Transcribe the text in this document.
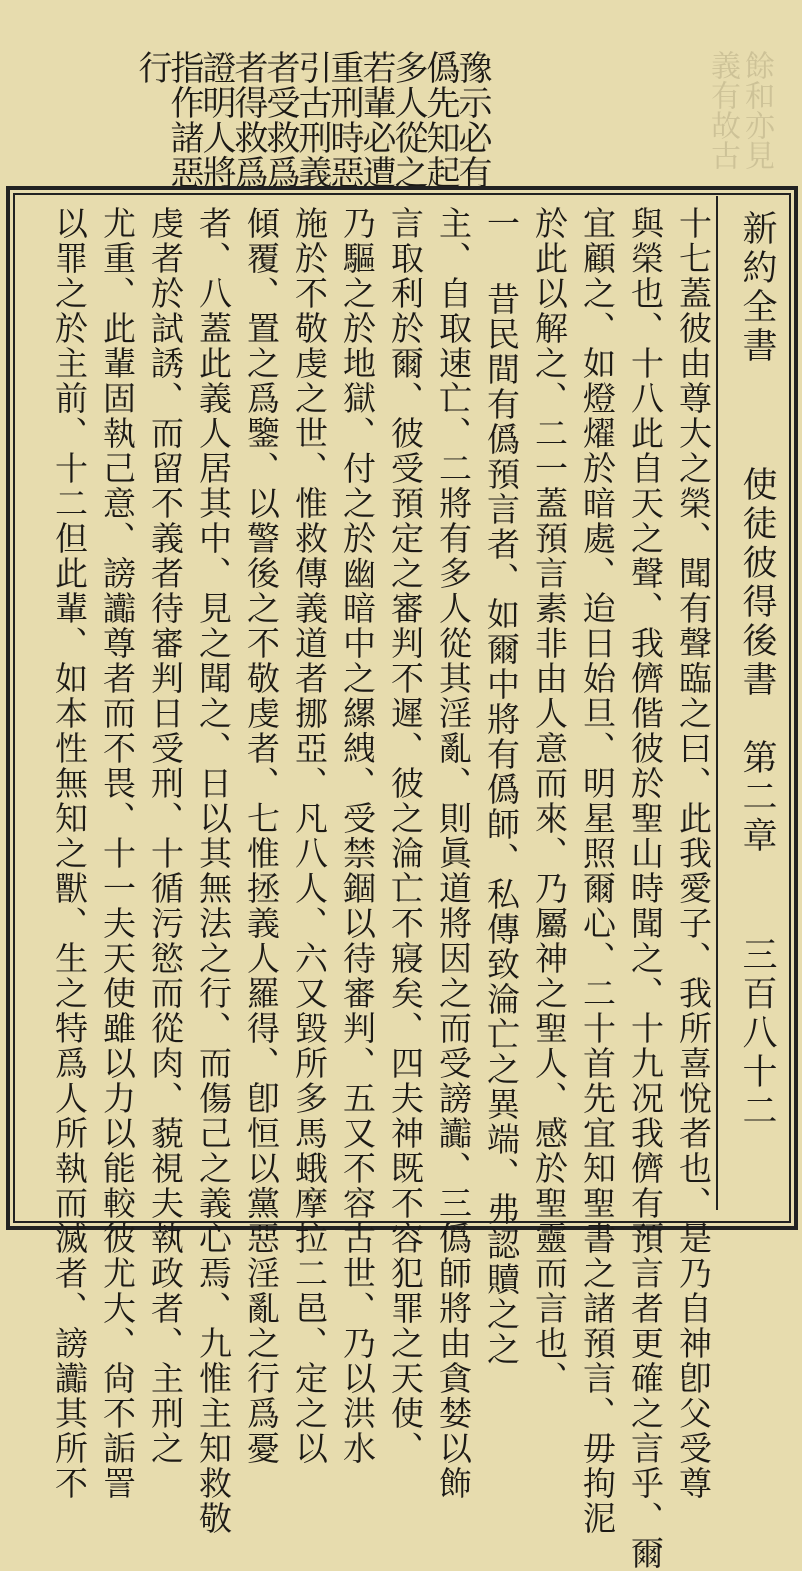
餘和亦見
義有故古
豫示必有
僞先知起
多人從之
若輩必遭
重刑時惡
引古刑義
者受救爲
者得救爲
證明人將
指作諸惡
行
新約全書
使徒彼得後書　第二章
三百八十二
十七蓋彼由尊大之榮、聞有聲臨之曰、此我愛子、我所喜悅者也、是乃自神卽父受尊
與榮也、十八此自天之聲、我儕偕彼於聖山時聞之、十九况我儕有預言者更確之言乎、爾
宜顧之、如燈燿於暗處、迨日始旦、明星照爾心、二十首先宜知聖書之諸預言、毋拘泥
於此以解之、二一蓋預言素非由人意而來、乃屬神之聖人、感於聖靈而言也、
一 昔民間有僞預言者、如爾中將有僞師、私傳致淪亡之異端、弗認贖之之
主、自取速亡、二將有多人從其淫亂、則眞道將因之而受謗讟、三僞師將由貪婪以飾
言取利於爾、彼受預定之審判不遲、彼之淪亡不寢矣、四夫神既不容犯罪之天使、
乃驅之於地獄、付之於幽暗中之縲絏、受禁錮以待審判、五又不容古世、乃以洪水
施於不敬虔之世、惟救傳義道者挪亞、凡八人、六又毀所多馬蛾摩拉二邑、定之以
傾覆、置之爲鑒、以警後之不敬虔者、七惟拯義人羅得、卽恒以黨惡淫亂之行爲憂
者、八蓋此義人居其中、見之聞之、日以其無法之行、而傷己之義心焉、九惟主知救敬
虔者於試誘、而留不義者待審判日受刑、十循污慾而從肉、藐視夫執政者、主刑之
尤重、此輩固執己意、謗讟尊者而不畏、十一夫天使雖以力以能較彼尤大、尙不詬詈
以罪之於主前、十二但此輩、如本性無知之獸、生之特爲人所執而滅者、謗讟其所不
